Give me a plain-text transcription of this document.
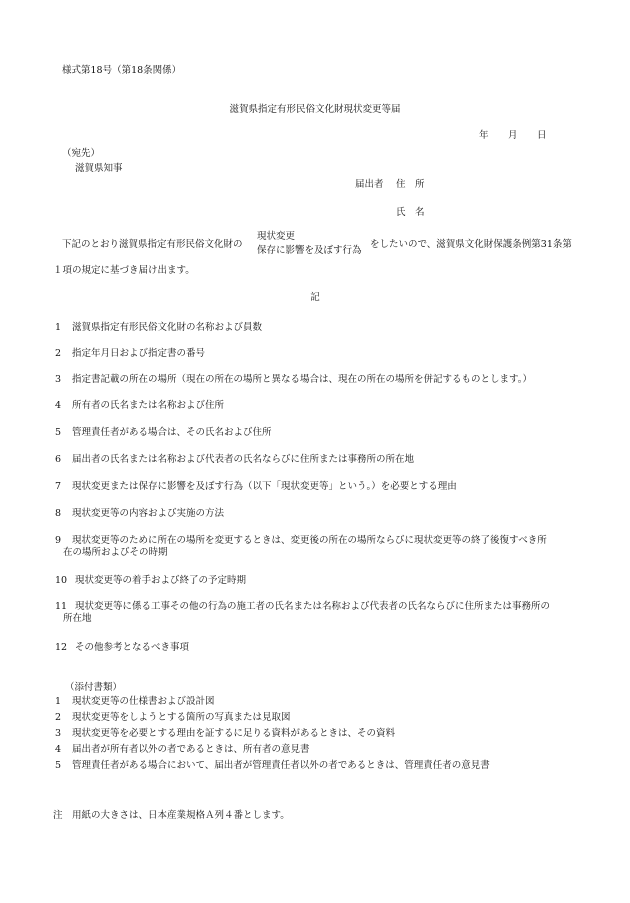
様式第18号（第18条関係）
滋賀県指定有形民俗文化財現状変更等届
年 月 日
（宛先）
滋賀県知事
届出者 住　所
氏　名
下記のとおり滋賀県指定有形民俗文化財の
現状変更
保存に影響を及ぼす行為
をしたいので、滋賀県文化財保護条例第31条第
１項の規定に基づき届け出ます。
記
1	滋賀県指定有形民俗文化財の名称および員数
2	指定年月日および指定書の番号
3	指定書記載の所在の場所（現在の所在の場所と異なる場合は、現在の所在の場所を併記するものとします。）
4	所有者の氏名または名称および住所
5	管理責任者がある場合は、その氏名および住所
6	届出者の氏名または名称および代表者の氏名ならびに住所または事務所の所在地
7	現状変更または保存に影響を及ぼす行為（以下「現状変更等」という。）を必要とする理由
8	現状変更等の内容および実施の方法
9	現状変更等のために所在の場所を変更するときは、変更後の所在の場所ならびに現状変更等の終了後復すべき所
在の場所およびその時期
10 現状変更等の着手および終了の予定時期
11 現状変更等に係る工事その他の行為の施工者の氏名または名称および代表者の氏名ならびに住所または事務所の
所在地
12 その他参考となるべき事項
（添付書類）
1 現状変更等の仕様書および設計図
2 現状変更等をしようとする箇所の写真または見取図
3 現状変更等を必要とする理由を証するに足りる資料があるときは、その資料
4 届出者が所有者以外の者であるときは、所有者の意見書
5 管理責任者がある場合において、届出者が管理責任者以外の者であるときは、管理責任者の意見書
注　用紙の大きさは、日本産業規格Ａ列４番とします。
